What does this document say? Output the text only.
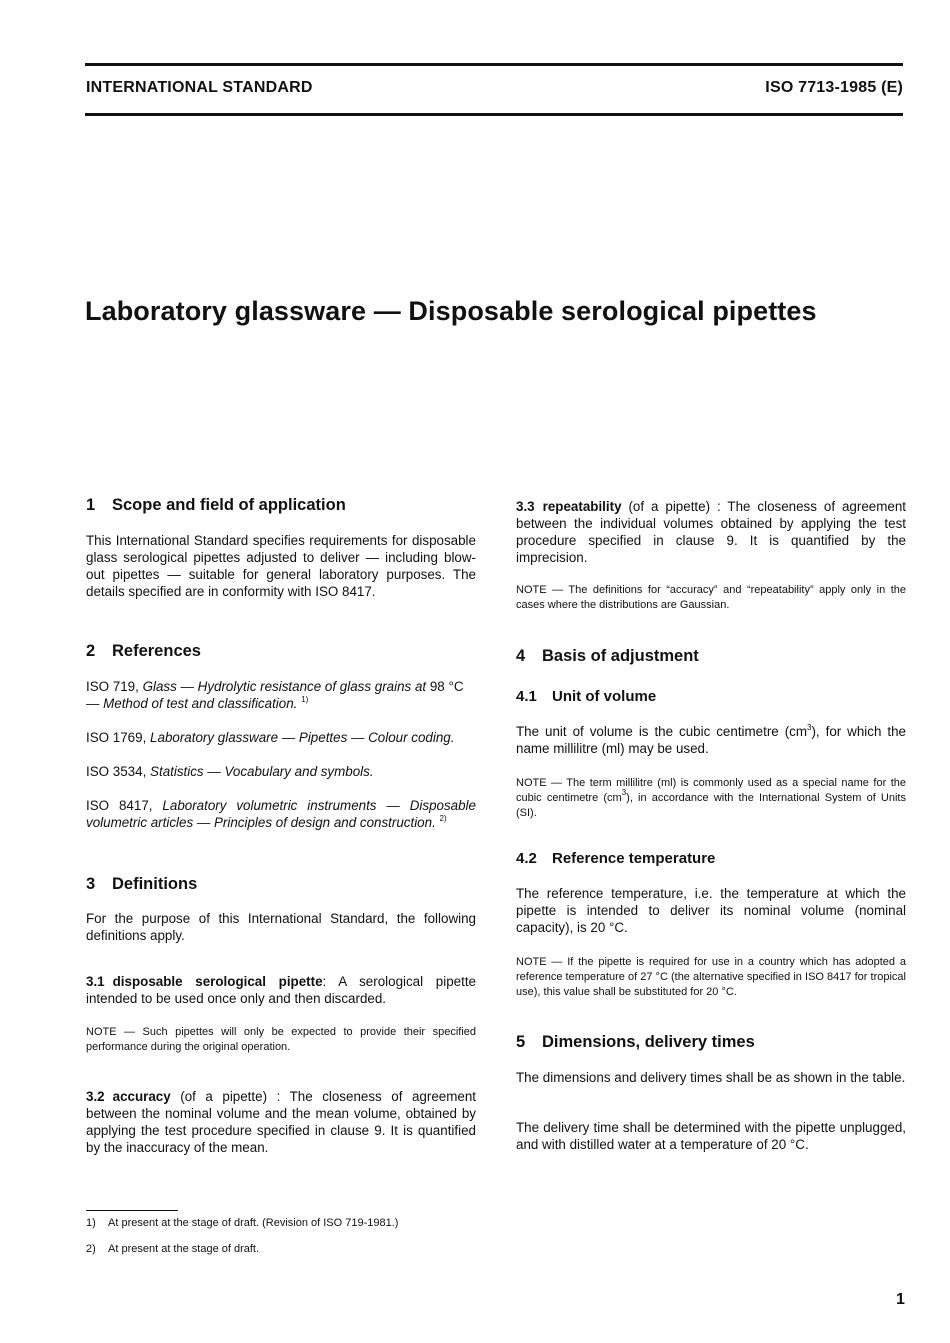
INTERNATIONAL STANDARD	ISO 7713-1985 (E)
Laboratory glassware — Disposable serological pipettes
1 Scope and field of application

This International Standard specifies requirements for disposable glass serological pipettes adjusted to deliver — including blow-out pipettes — suitable for general laboratory purposes. The details specified are in conformity with ISO 8417.

2 References
ISO 719, Glass — Hydrolytic resistance of glass grains at 98 °C
— Method of test and classification. $^{1)}$
ISO 1769, Laboratory glassware — Pipettes — Colour coding.
ISO 3534, Statistics — Vocabulary and symbols.
ISO 8417, Laboratory volumetric instruments — Disposable volumetric articles — Principles of design and construction. $^{2)}$
3 Definitions

For the purpose of this International Standard, the following definitions apply.

3.1 disposable serological pipette: A serological pipette intended to be used once only and then discarded.

NOTE — Such pipettes will only be expected to provide their specified performance during the original operation.

3.2 accuracy (of a pipette) : The closeness of agreement between the nominal volume and the mean volume, obtained by applying the test procedure specified in clause 9. It is quantified by the inaccuracy of the mean.
3.3 repeatability (of a pipette) : The closeness of agreement between the individual volumes obtained by applying the test procedure specified in clause 9. It is quantified by the imprecision.

NOTE — The definitions for “accuracy” and “repeatability” apply only in the cases where the distributions are Gaussian.

4 Basis of adjustment
4.1 Unit of volume
The unit of volume is the cubic centimetre $(cm^3)$, for which the name millilitre (ml) may be used.
NOTE — The term millilitre (ml) is commonly used as a special name for the cubic centimetre $(cm^3)$, in accordance with the International System of Units (SI).
4.2 Reference temperature

The reference temperature, i.e. the temperature at which the pipette is intended to deliver its nominal volume (nominal capacity), is 20 °C.

NOTE — If the pipette is required for use in a country which has adopted a reference temperature of 27 °C (the alternative specified in ISO 8417 for tropical use), this value shall be substituted for 20 °C.

5 Dimensions, delivery times

The dimensions and delivery times shall be as shown in the table.

The delivery time shall be determined with the pipette unplugged, and with distilled water at a temperature of 20 °C.

1) At present at the stage of draft. (Revision of ISO 719-1981.)
2) At present at the stage of draft.
1
